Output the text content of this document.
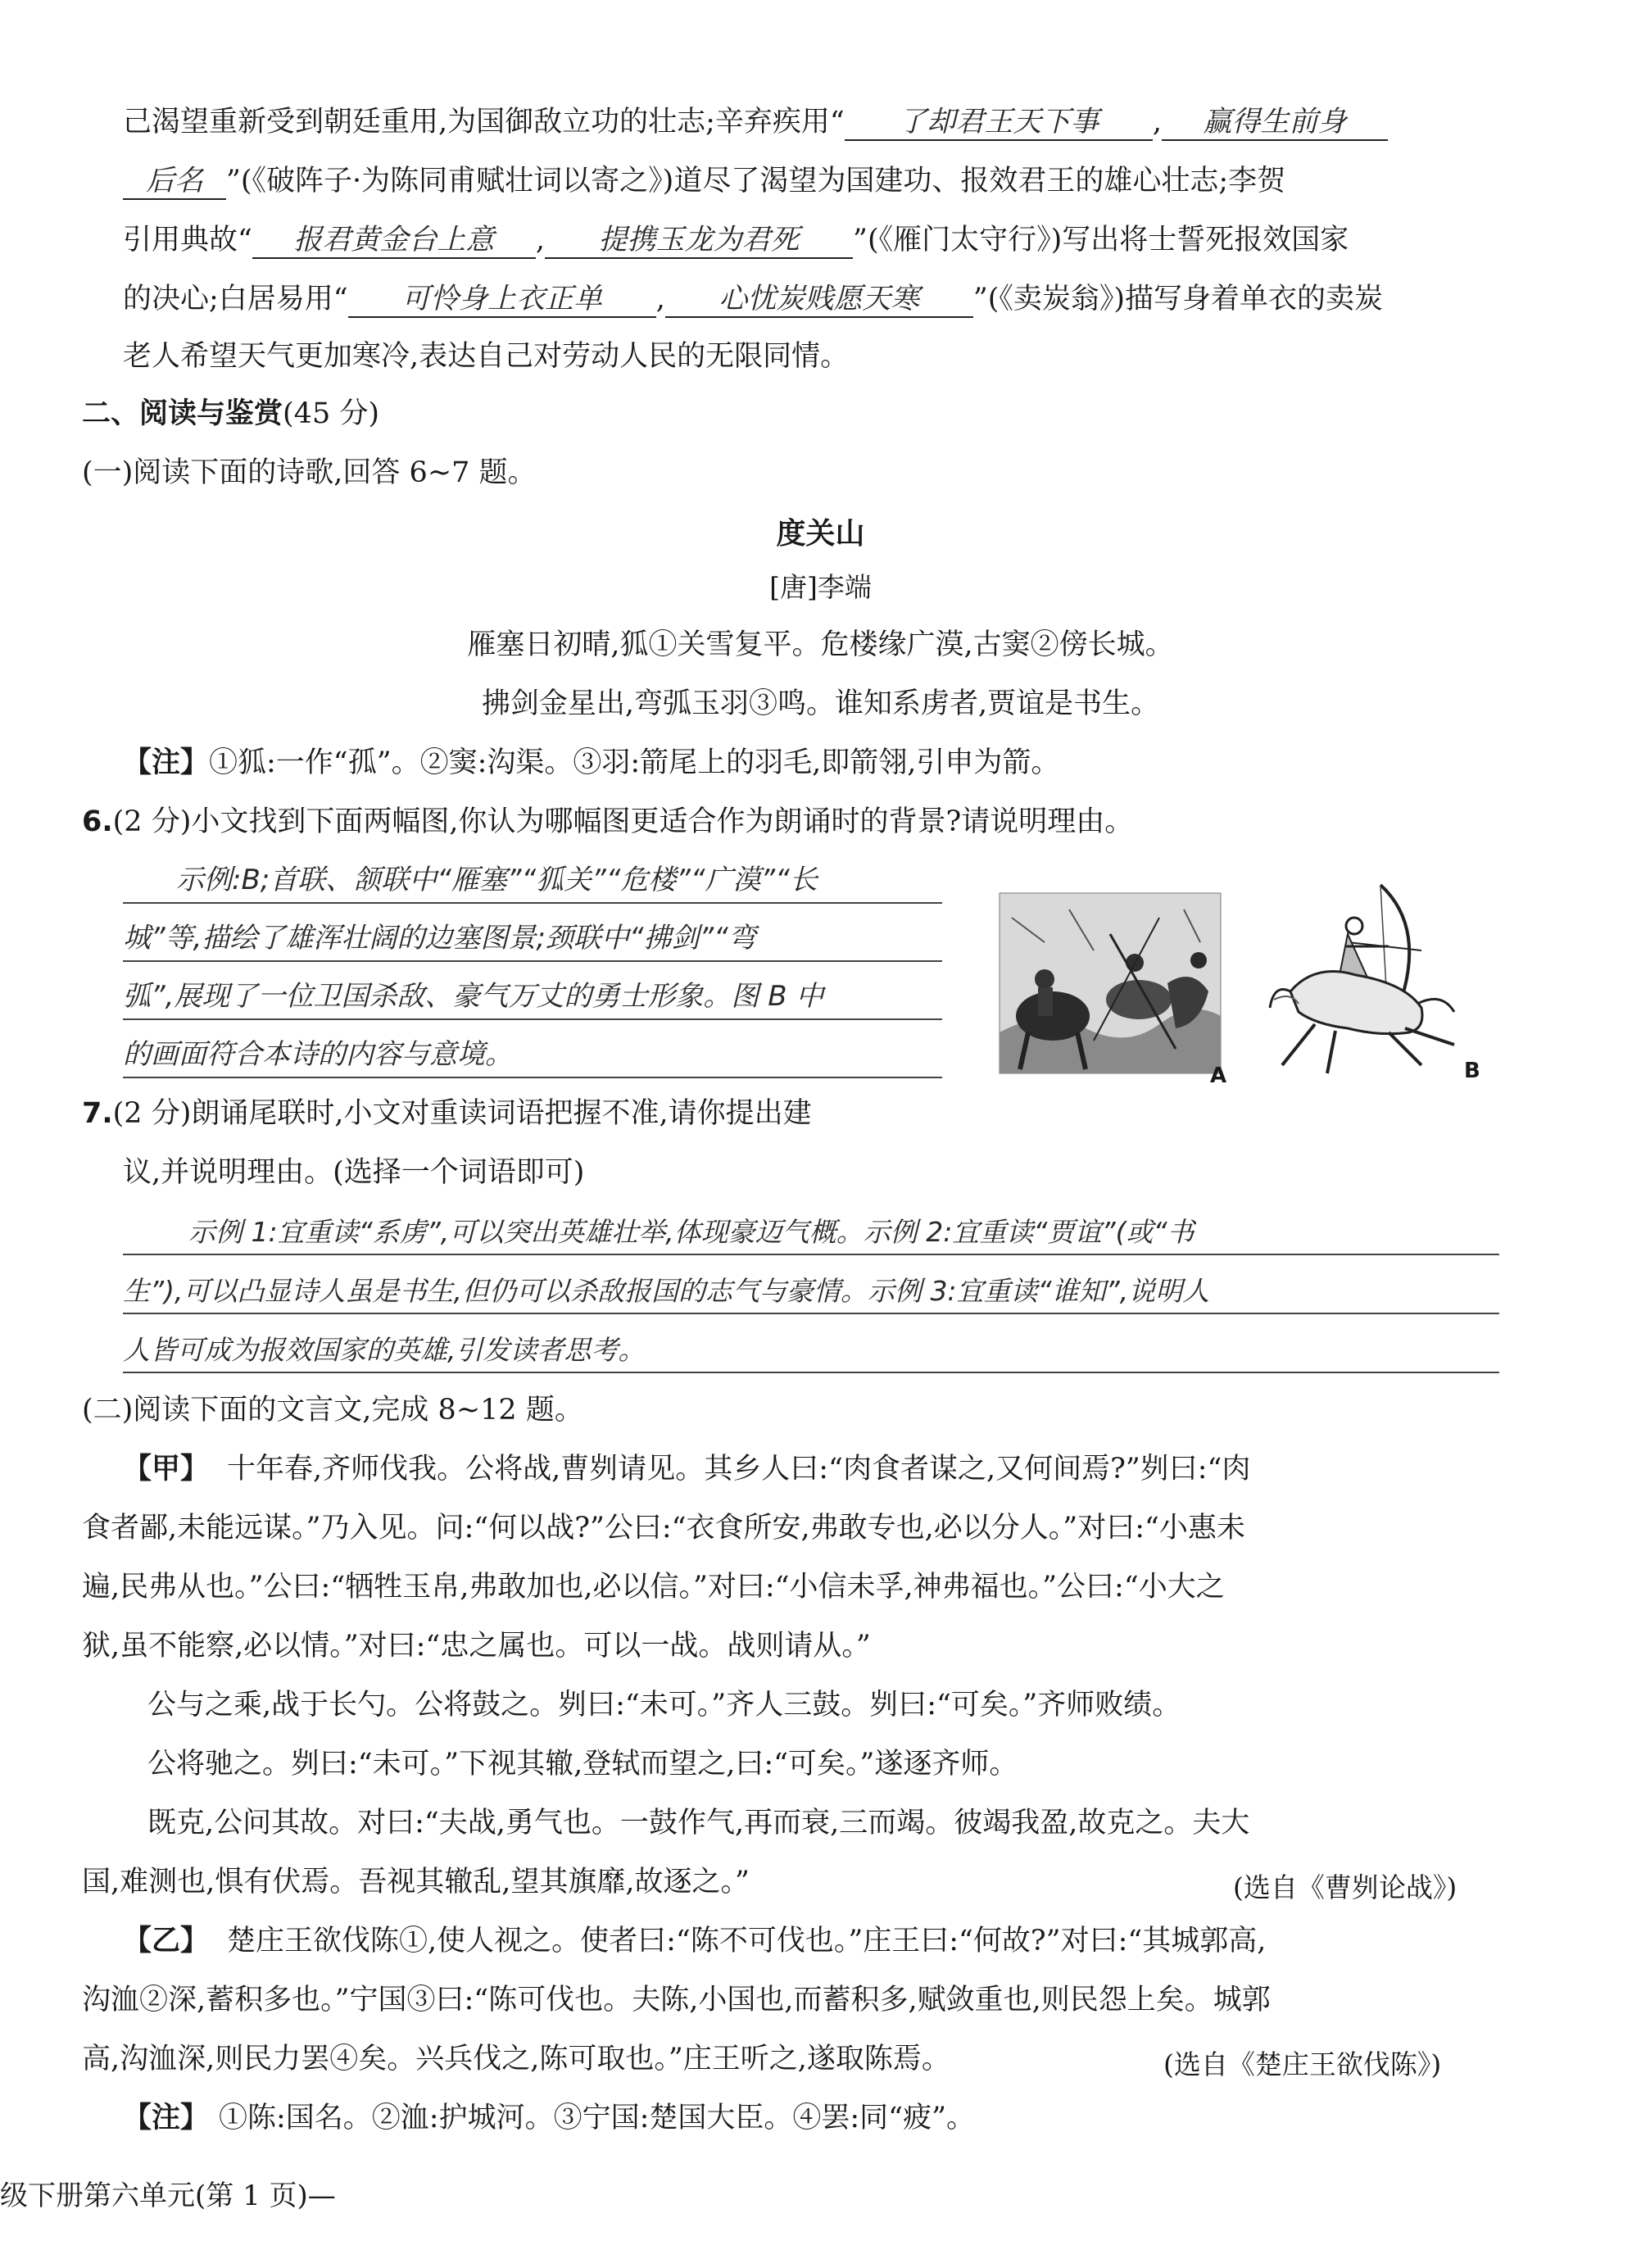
己渴望重新受到朝廷重用,为国御敌立功的壮志;辛弃疾用“ 了却君王天下事 , 赢得生前身
后名 ”(《破阵子·为陈同甫赋壮词以寄之》)道尽了渴望为国建功、报效君王的雄心壮志;李贺
引用典故“ 报君黄金台上意 , 提携玉龙为君死 ”(《雁门太守行》)写出将士誓死报效国家
的决心;白居易用“ 可怜身上衣正单 , 心忧炭贱愿天寒 ”(《卖炭翁》)描写身着单衣的卖炭
老人希望天气更加寒冷,表达自己对劳动人民的无限同情。
二、阅读与鉴赏(45 分)
(一)阅读下面的诗歌,回答 6~7 题。
度关山
[唐]李端
雁塞日初晴,狐①关雪复平。危楼缘广漠,古窦②傍长城。
拂剑金星出,弯弧玉羽③鸣。谁知系虏者,贾谊是书生。
【注】①狐:一作“孤”。②窦:沟渠。③羽:箭尾上的羽毛,即箭翎,引申为箭。
6.(2 分)小文找到下面两幅图,你认为哪幅图更适合作为朗诵时的背景?请说明理由。
示例:B;首联、颔联中“雁塞”“狐关”“危楼”“广漠”“长
城”等,描绘了雄浑壮阔的边塞图景;颈联中“拂剑”“弯
弧”,展现了一位卫国杀敌、豪气万丈的勇士形象。图 B 中
的画面符合本诗的内容与意境。
A	B
7.(2 分)朗诵尾联时,小文对重读词语把握不准,请你提出建
议,并说明理由。(选择一个词语即可)
示例 1:宜重读“系虏”,可以突出英雄壮举,体现豪迈气概。示例 2:宜重读“贾谊”(或“书
生”),可以凸显诗人虽是书生,但仍可以杀敌报国的志气与豪情。示例 3:宜重读“谁知”,说明人
人皆可成为报效国家的英雄,引发读者思考。
(二)阅读下面的文言文,完成 8~12 题。
【甲】 十年春,齐师伐我。公将战,曹刿请见。其乡人曰:“肉食者谋之,又何间焉?”刿曰:“肉
食者鄙,未能远谋。”乃入见。问:“何以战?”公曰:“衣食所安,弗敢专也,必以分人。”对曰:“小惠未
遍,民弗从也。”公曰:“牺牲玉帛,弗敢加也,必以信。”对曰:“小信未孚,神弗福也。”公曰:“小大之
狱,虽不能察,必以情。”对曰:“忠之属也。可以一战。战则请从。”
公与之乘,战于长勺。公将鼓之。刿曰:“未可。”齐人三鼓。刿曰:“可矣。”齐师败绩。
公将驰之。刿曰:“未可。”下视其辙,登轼而望之,曰:“可矣。”遂逐齐师。
既克,公问其故。对曰:“夫战,勇气也。一鼓作气,再而衰,三而竭。彼竭我盈,故克之。夫大
国,难测也,惧有伏焉。吾视其辙乱,望其旗靡,故逐之。”	(选自《曹刿论战》)
【乙】 楚庄王欲伐陈①,使人视之。使者曰:“陈不可伐也。”庄王曰:“何故?”对曰:“其城郭高,
沟洫②深,蓄积多也。”宁国③曰:“陈可伐也。夫陈,小国也,而蓄积多,赋敛重也,则民怨上矣。城郭
高,沟洫深,则民力罢④矣。兴兵伐之,陈可取也。”庄王听之,遂取陈焉。	(选自《楚庄王欲伐陈》)
【注】 ①陈:国名。②洫:护城河。③宁国:楚国大臣。④罢:同“疲”。
级下册第六单元(第 1 页)—
